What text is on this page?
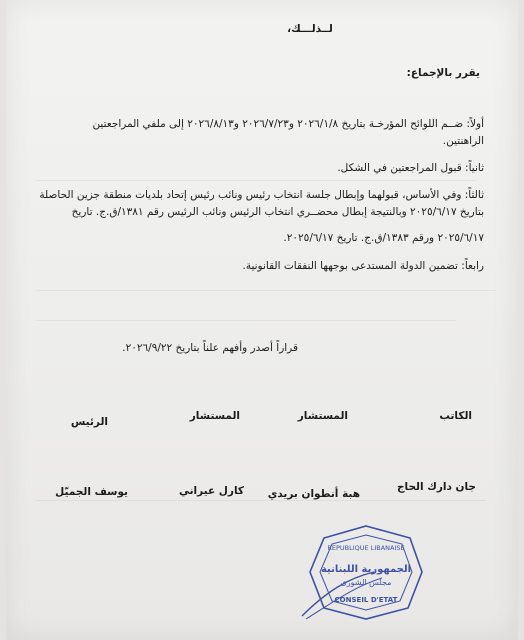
لــذلـــك،
يقرر بالإجماع:
أولاً: ضــم اللوائح المؤرخـة بتاريخ ٢٠٢٦/١/٨ و٢٠٢٦/٧/٢٣ و٢٠٢٦/٨/١٣ إلى ملفي المراجعتين
الراهنتين.
ثانياً: قبول المراجعتين في الشكل.
ثالثاً: وفي الأساس، قبولهما وإبطال جلسة انتخاب رئيس ونائب رئيس إتحاد بلديات منطقة جزين الحاصلة
بتاريخ ٢٠٢٥/٦/١٧ وبالنتيجة إبطال محضــري انتخاب الرئيس ونائب الرئيس رقم ١٣٨١/ق.ج. تاريخ
٢٠٢٥/٦/١٧ ورقم ١٣٨٣/ق.ج. تاريخ ٢٠٢٥/٦/١٧.
رابعاً: تضمين الدولة المستدعى بوجهها النفقات القانونية.
قراراً أصدر وأفهم علناً بتاريخ ٢٠٢٦/٩/٢٢.
الكاتب
المستشار
المستشار
الرئيس
جان دارك الحاج
هبة أنطوان بريدي
كارل عيراني
يوسف الجميّل
REPUBLIQUE LIBANAISE
الجمهورية اللبنانية
مجلس الشورى
CONSEIL D'ETAT
